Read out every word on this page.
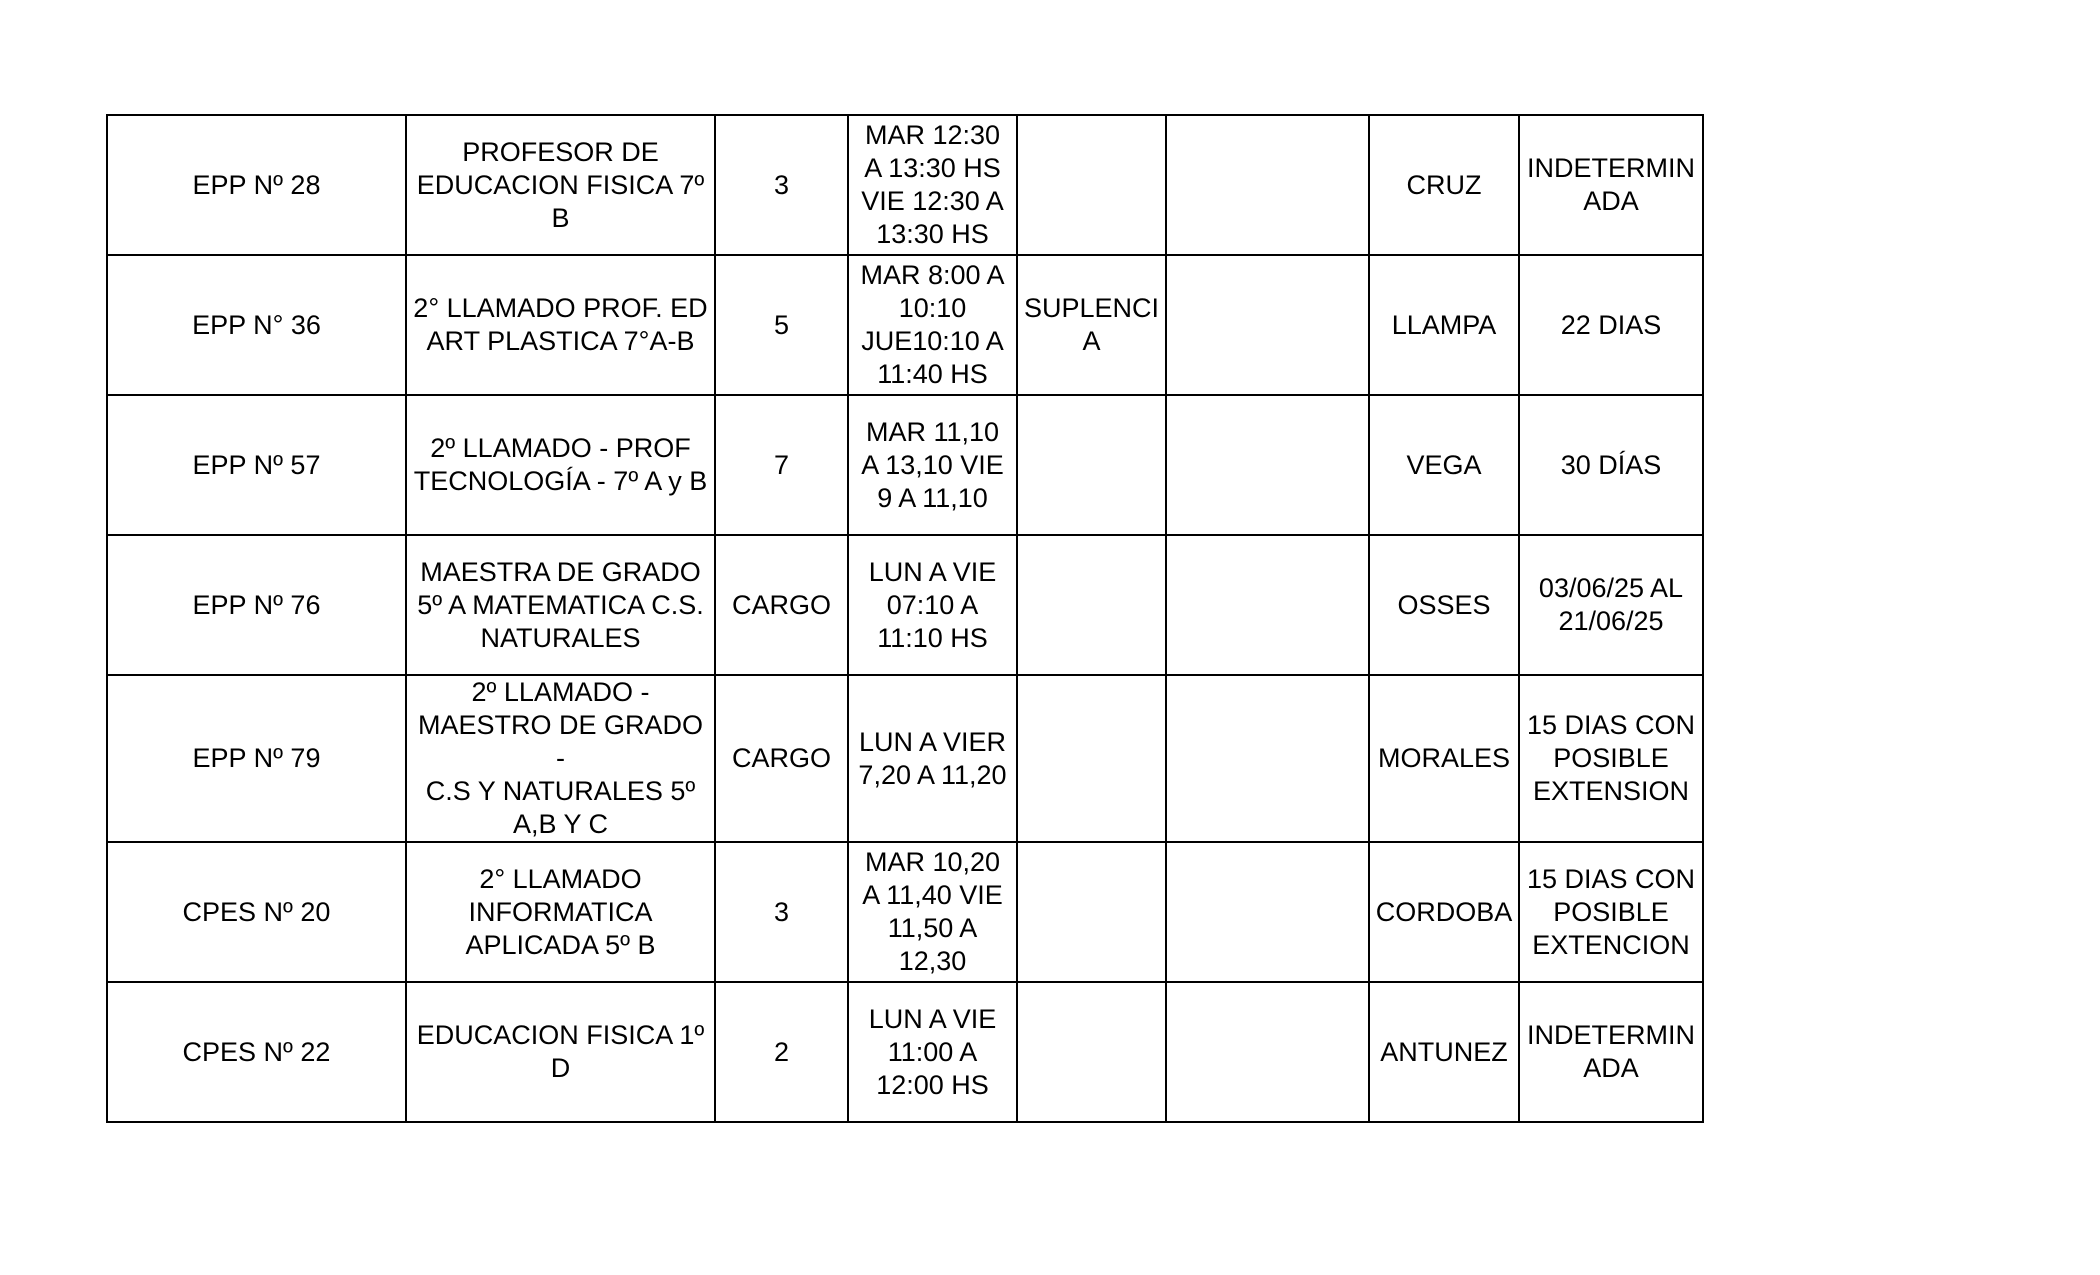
EPP Nº 28	PROFESOR DE
EDUCACION FISICA 7º
B	3	MAR 12:30
A 13:30 HS
VIE 12:30 A
13:30 HS			CRUZ	INDETERMIN
ADA
EPP N° 36	2° LLAMADO PROF. ED
ART PLASTICA 7°A-B	5	MAR 8:00 A
10:10
JUE10:10 A
11:40 HS	SUPLENCI
A		LLAMPA	22 DIAS
EPP Nº 57	2º LLAMADO - PROF
TECNOLOGÍA - 7º A y B	7	MAR 11,10
A 13,10 VIE
9 A 11,10			VEGA	30 DÍAS
EPP Nº 76	MAESTRA DE GRADO
5º A MATEMATICA C.S.
NATURALES	CARGO	LUN A VIE
07:10 A
11:10 HS			OSSES	03/06/25 AL
21/06/25
EPP Nº 79	2º LLAMADO -
MAESTRO DE GRADO -
C.S Y NATURALES 5º
A,B Y C	CARGO	LUN A VIER
7,20 A 11,20			MORALES	15 DIAS CON
POSIBLE
EXTENSION
CPES Nº 20	2° LLAMADO
INFORMATICA
APLICADA 5º B	3	MAR 10,20
A 11,40 VIE
11,50 A
12,30			CORDOBA	15 DIAS CON
POSIBLE
EXTENCION
CPES Nº 22	EDUCACION FISICA 1º
D	2	LUN A VIE
11:00 A
12:00 HS			ANTUNEZ	INDETERMIN
ADA
